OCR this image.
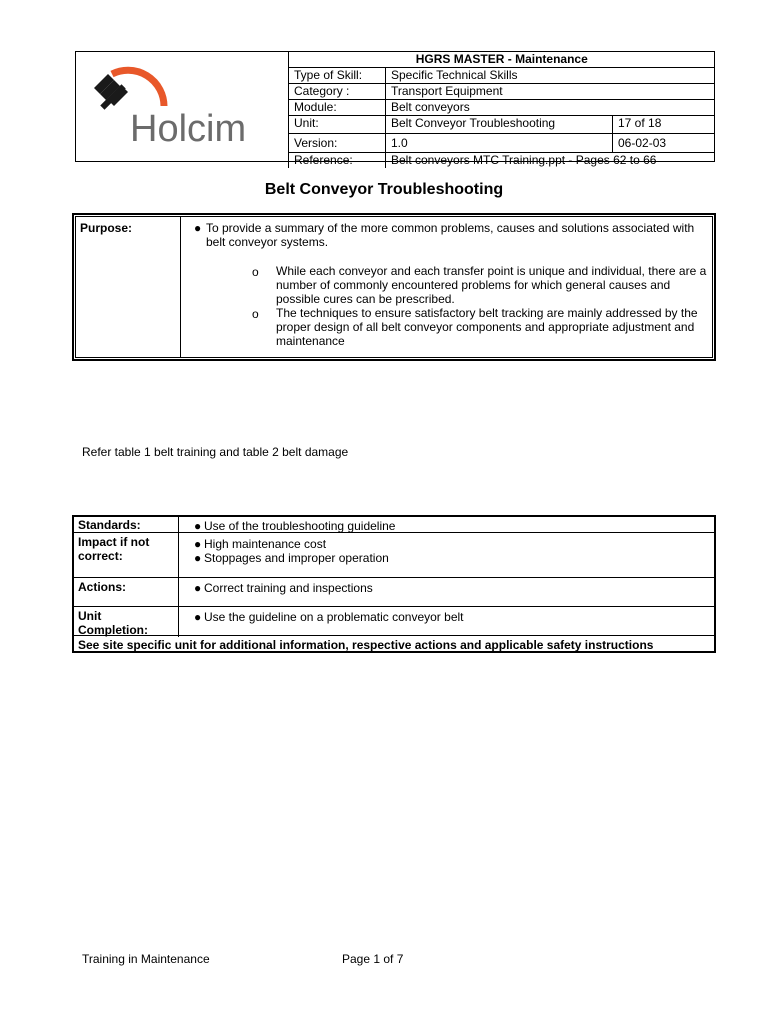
Holcim
HGRS MASTER - Maintenance		
Type of Skill:	Specific Technical Skills	
Category :	Transport Equipment	
Module:	Belt conveyors	
Unit:	Belt Conveyor Troubleshooting	17 of 18
Version:	1.0	06-02-03
Reference:	Belt conveyors MTC Training.ppt - Pages 62 to 66	
Belt Conveyor Troubleshooting
Purpose:	● To provide a summary of the more common problems, causes and solutions associated with belt conveyor systems.
o While each conveyor and each transfer point is unique and individual, there are a number of commonly encountered problems for which general causes and possible cures can be prescribed.
o The techniques to ensure satisfactory belt tracking are mainly addressed by the proper design of all belt conveyor components and appropriate adjustment and maintenance
Refer table 1 belt training and table 2 belt damage
Standards:	● Use of the troubleshooting guideline
Impact if not correct:
● High maintenance cost
● Stoppages and improper operation
Actions:	● Correct training and inspections
Unit Completion:
● Use the guideline on a problematic conveyor belt
See site specific unit for additional information, respective actions and applicable safety instructions
Training in Maintenance	Page 1 of 7
